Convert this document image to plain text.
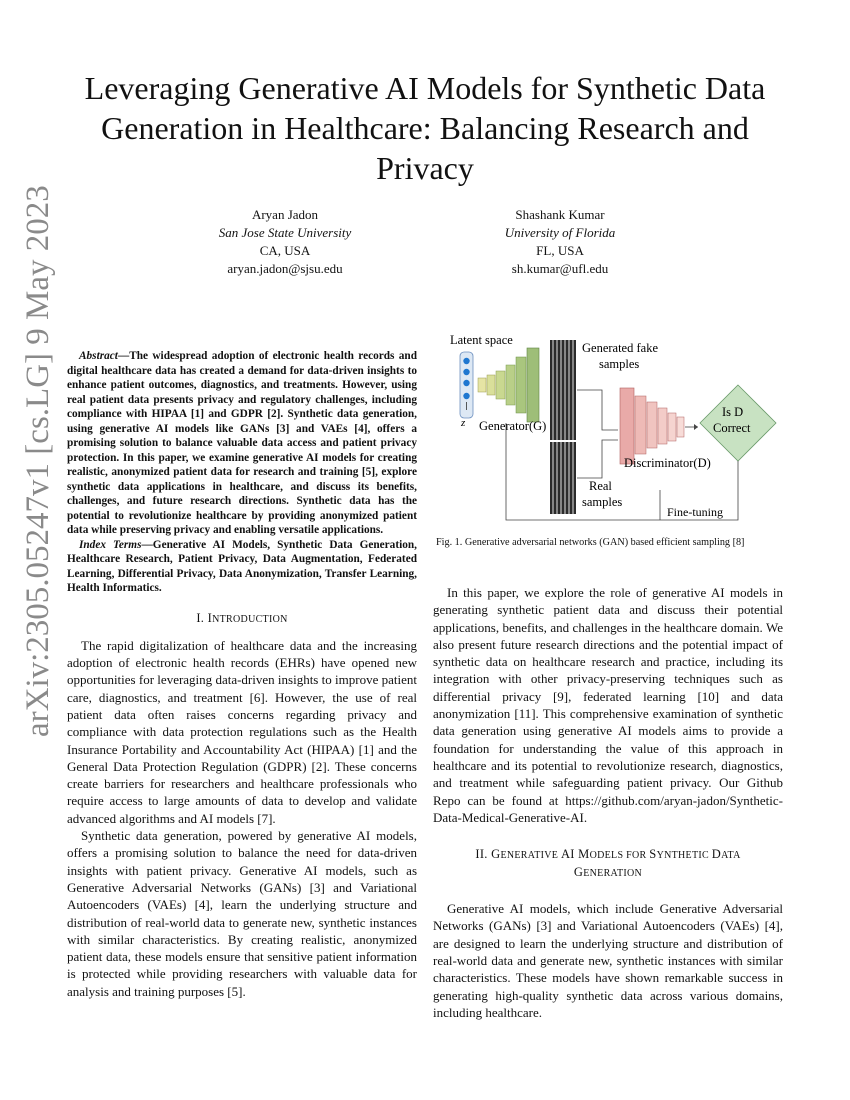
arXiv:2305.05247v1 [cs.LG] 9 May 2023
Leveraging Generative AI Models for Synthetic Data Generation in Healthcare: Balancing Research and Privacy
Aryan Jadon
San Jose State University
CA, USA
aryan.jadon@sjsu.edu
Shashank Kumar
University of Florida
FL, USA
sh.kumar@ufl.edu

Abstract—The widespread adoption of electronic health records and digital healthcare data has created a demand for data-driven insights to enhance patient outcomes, diagnostics, and treatments. However, using real patient data presents privacy and regulatory challenges, including compliance with HIPAA [1] and GDPR [2]. Synthetic data generation, using generative AI models like GANs [3] and VAEs [4], offers a promising solution to balance valuable data access and patient privacy protection. In this paper, we examine generative AI models for creating realistic, anonymized patient data for research and training [5], explore synthetic data applications in healthcare, and discuss its benefits, challenges, and future research directions. Synthetic data has the potential to revolutionize healthcare by providing anonymized patient data while preserving privacy and enabling versatile applications.

Index Terms—Generative AI Models, Synthetic Data Generation, Healthcare Research, Patient Privacy, Data Augmentation, Federated Learning, Differential Privacy, Data Anonymization, Transfer Learning, Health Informatics.

I. INTRODUCTION

The rapid digitalization of healthcare data and the increasing adoption of electronic health records (EHRs) have opened new opportunities for leveraging data-driven insights to improve patient care, diagnostics, and treatment [6]. However, the use of real patient data often raises concerns regarding privacy and compliance with data protection regulations such as the Health Insurance Portability and Accountability Act (HIPAA) [1] and the General Data Protection Regulation (GDPR) [2]. These concerns create barriers for researchers and healthcare professionals who require access to large amounts of data to develop and validate advanced algorithms and AI models [7].

Synthetic data generation, powered by generative AI models, offers a promising solution to balance the need for data-driven insights with patient privacy. Generative AI models, such as Generative Adversarial Networks (GANs) [3] and Variational Autoencoders (VAEs) [4], learn the underlying structure and distribution of real-world data to generate new, synthetic instances with similar characteristics. By creating realistic, anonymized patient data, these models ensure that sensitive patient information is protected while providing researchers with valuable data for analysis and training purposes [5].

Latent space
z Generator(G)
Generated fake
samples
Discriminator(D)
Real
samples
Is D
Correct
Fine-tuning
Fig. 1. Generative adversarial networks (GAN) based efficient sampling [8]

In this paper, we explore the role of generative AI models in generating synthetic patient data and discuss their potential applications, benefits, and challenges in the healthcare domain. We also present future research directions and the potential impact of synthetic data on healthcare research and practice, including its integration with other privacy-preserving techniques such as differential privacy [9], federated learning [10] and data anonymization [11]. This comprehensive examination of synthetic data generation using generative AI models aims to provide a foundation for understanding the value of this approach in healthcare and its potential to revolutionize research, diagnostics, and treatment while safeguarding patient privacy. Our Github Repo can be found at https://github.com/aryan-jadon/Synthetic-Data-Medical-Generative-AI.

II. GENERATIVE AI MODELS FOR SYNTHETIC DATA
GENERATION

Generative AI models, which include Generative Adversarial Networks (GANs) [3] and Variational Autoencoders (VAEs) [4], are designed to learn the underlying structure and distribution of real-world data and generate new, synthetic instances with similar characteristics. These models have shown remarkable success in generating high-quality synthetic data across various domains, including healthcare.
